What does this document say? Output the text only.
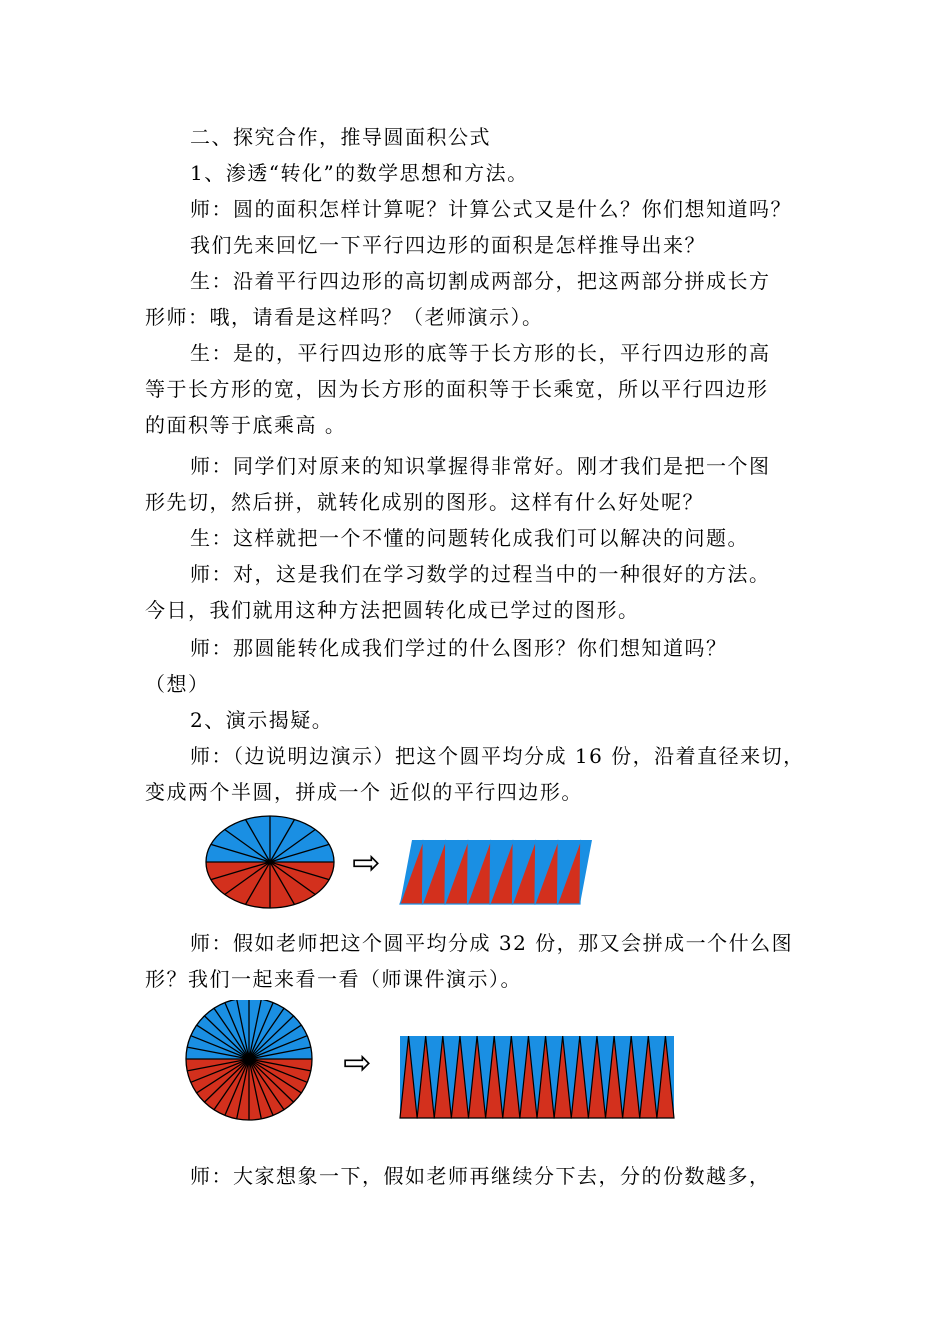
二、探究合作，推导圆面积公式
1、渗透“转化”的数学思想和方法。
师：圆的面积怎样计算呢？计算公式又是什么？你们想知道吗？
我们先来回忆一下平行四边形的面积是怎样推导出来？
生：沿着平行四边形的高切割成两部分，把这两部分拼成长方
形师：哦，请看是这样吗？（老师演示）。
生：是的，平行四边形的底等于长方形的长，平行四边形的高
等于长方形的宽，因为长方形的面积等于长乘宽，所以平行四边形
的面积等于底乘高 。
师：同学们对原来的知识掌握得非常好。刚才我们是把一个图
形先切，然后拼，就转化成别的图形。这样有什么好处呢？
生：这样就把一个不懂的问题转化成我们可以解决的问题。
师：对，这是我们在学习数学的过程当中的一种很好的方法。
今日，我们就用这种方法把圆转化成已学过的图形。
师：那圆能转化成我们学过的什么图形？你们想知道吗？
（想）
2、演示揭疑。
师：（边说明边演示）把这个圆平均分成 16 份，沿着直径来切，
变成两个半圆，拼成一个 近似的平行四边形。
⇨
师：假如老师把这个圆平均分成 32 份，那又会拼成一个什么图
形？我们一起来看一看（师课件演示）。
⇨
师：大家想象一下，假如老师再继续分下去，分的份数越多，
